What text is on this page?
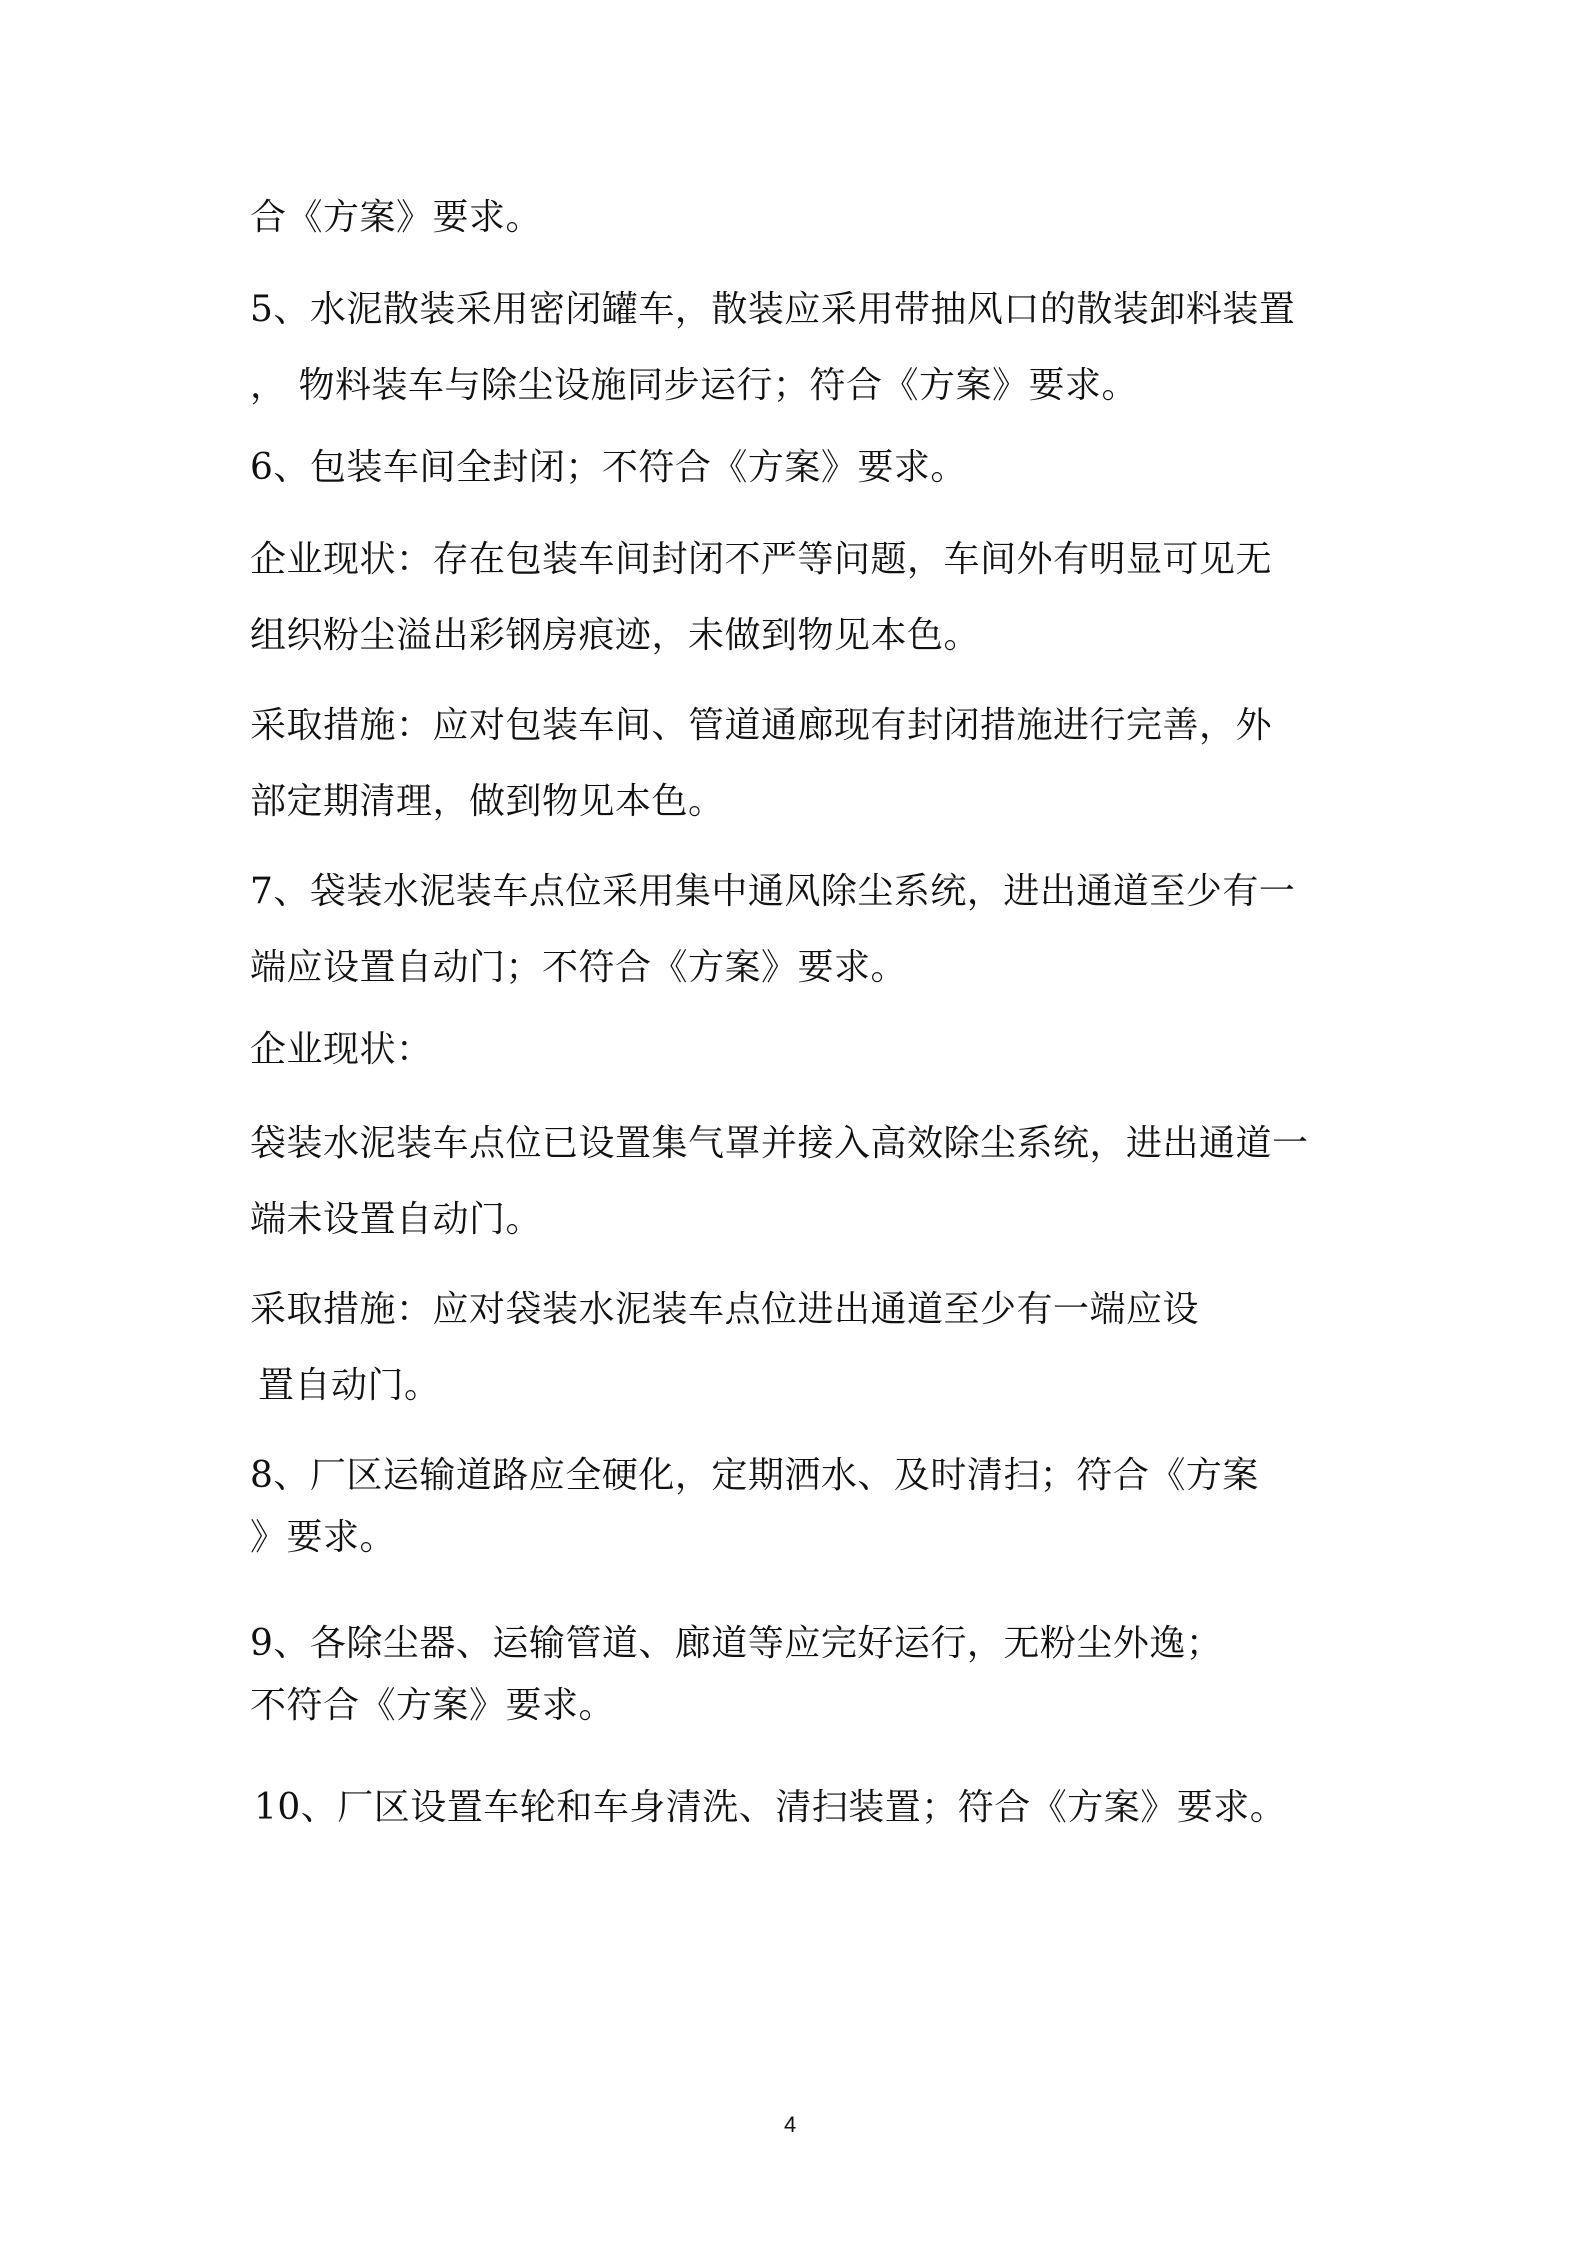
合《方案》要求。
5、水泥散装采用密闭罐车，散装应采用带抽风口的散装卸料装置
， 物料装车与除尘设施同步运行；符合《方案》要求。
6、包装车间全封闭；不符合《方案》要求。
企业现状：存在包装车间封闭不严等问题，车间外有明显可见无
组织粉尘溢出彩钢房痕迹，未做到物见本色。
采取措施：应对包装车间、管道通廊现有封闭措施进行完善，外
部定期清理，做到物见本色。
7、袋装水泥装车点位采用集中通风除尘系统，进出通道至少有一
端应设置自动门；不符合《方案》要求。
企业现状：
袋装水泥装车点位已设置集气罩并接入高效除尘系统，进出通道一
端未设置自动门。
采取措施：应对袋装水泥装车点位进出通道至少有一端应设
置自动门。
8、厂区运输道路应全硬化，定期洒水、及时清扫；符合《方案
》要求。
9、各除尘器、运输管道、廊道等应完好运行，无粉尘外逸；
不符合《方案》要求。
10、厂区设置车轮和车身清洗、清扫装置；符合《方案》要求。
4
